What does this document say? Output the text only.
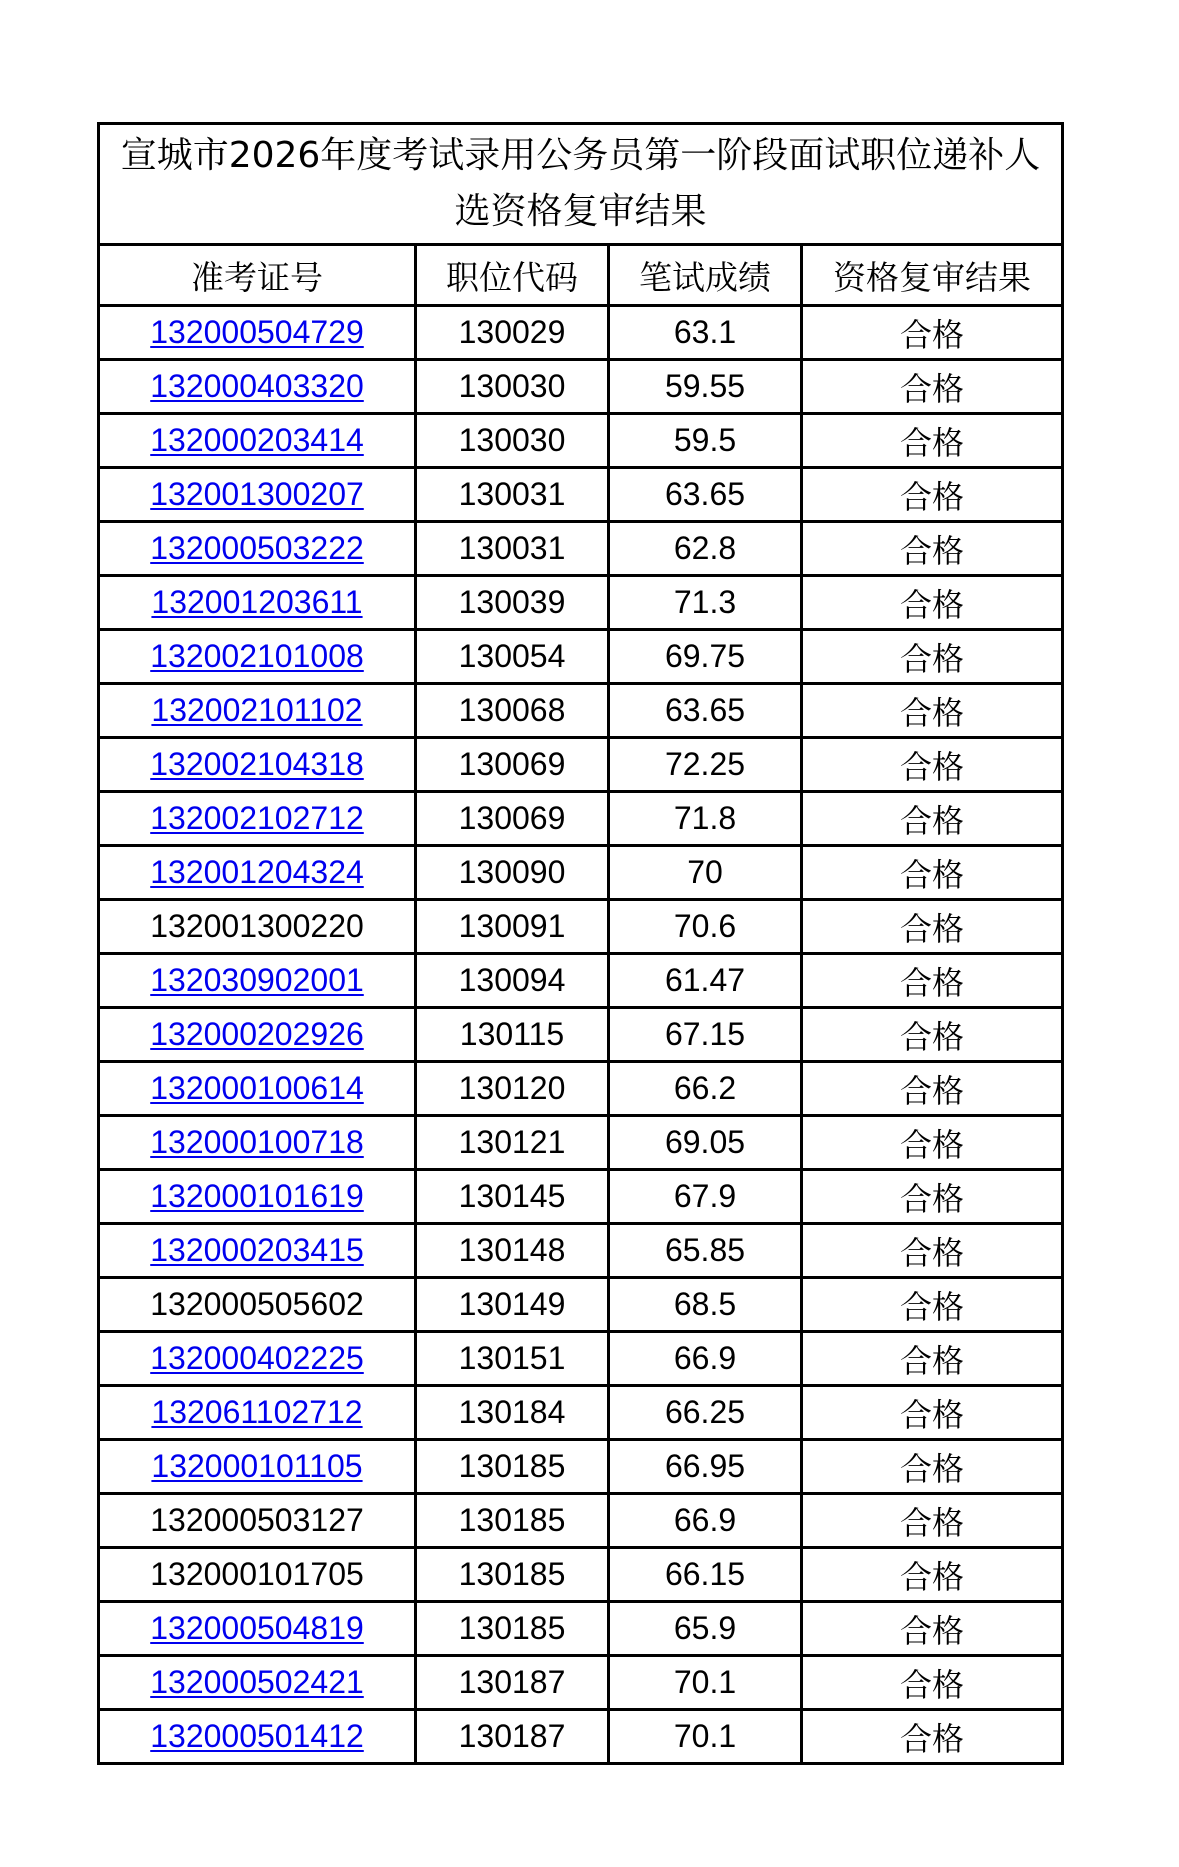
宣城市2026年度考试录用公务员第一阶段面试职位递补人选资格复审结果			
准考证号	职位代码	笔试成绩	资格复审结果
132000504729	130029	63.1	合格
132000403320	130030	59.55	合格
132000203414	130030	59.5	合格
132001300207	130031	63.65	合格
132000503222	130031	62.8	合格
132001203611	130039	71.3	合格
132002101008	130054	69.75	合格
132002101102	130068	63.65	合格
132002104318	130069	72.25	合格
132002102712	130069	71.8	合格
132001204324	130090	70	合格
132001300220	130091	70.6	合格
132030902001	130094	61.47	合格
132000202926	130115	67.15	合格
132000100614	130120	66.2	合格
132000100718	130121	69.05	合格
132000101619	130145	67.9	合格
132000203415	130148	65.85	合格
132000505602	130149	68.5	合格
132000402225	130151	66.9	合格
132061102712	130184	66.25	合格
132000101105	130185	66.95	合格
132000503127	130185	66.9	合格
132000101705	130185	66.15	合格
132000504819	130185	65.9	合格
132000502421	130187	70.1	合格
132000501412	130187	70.1	合格
